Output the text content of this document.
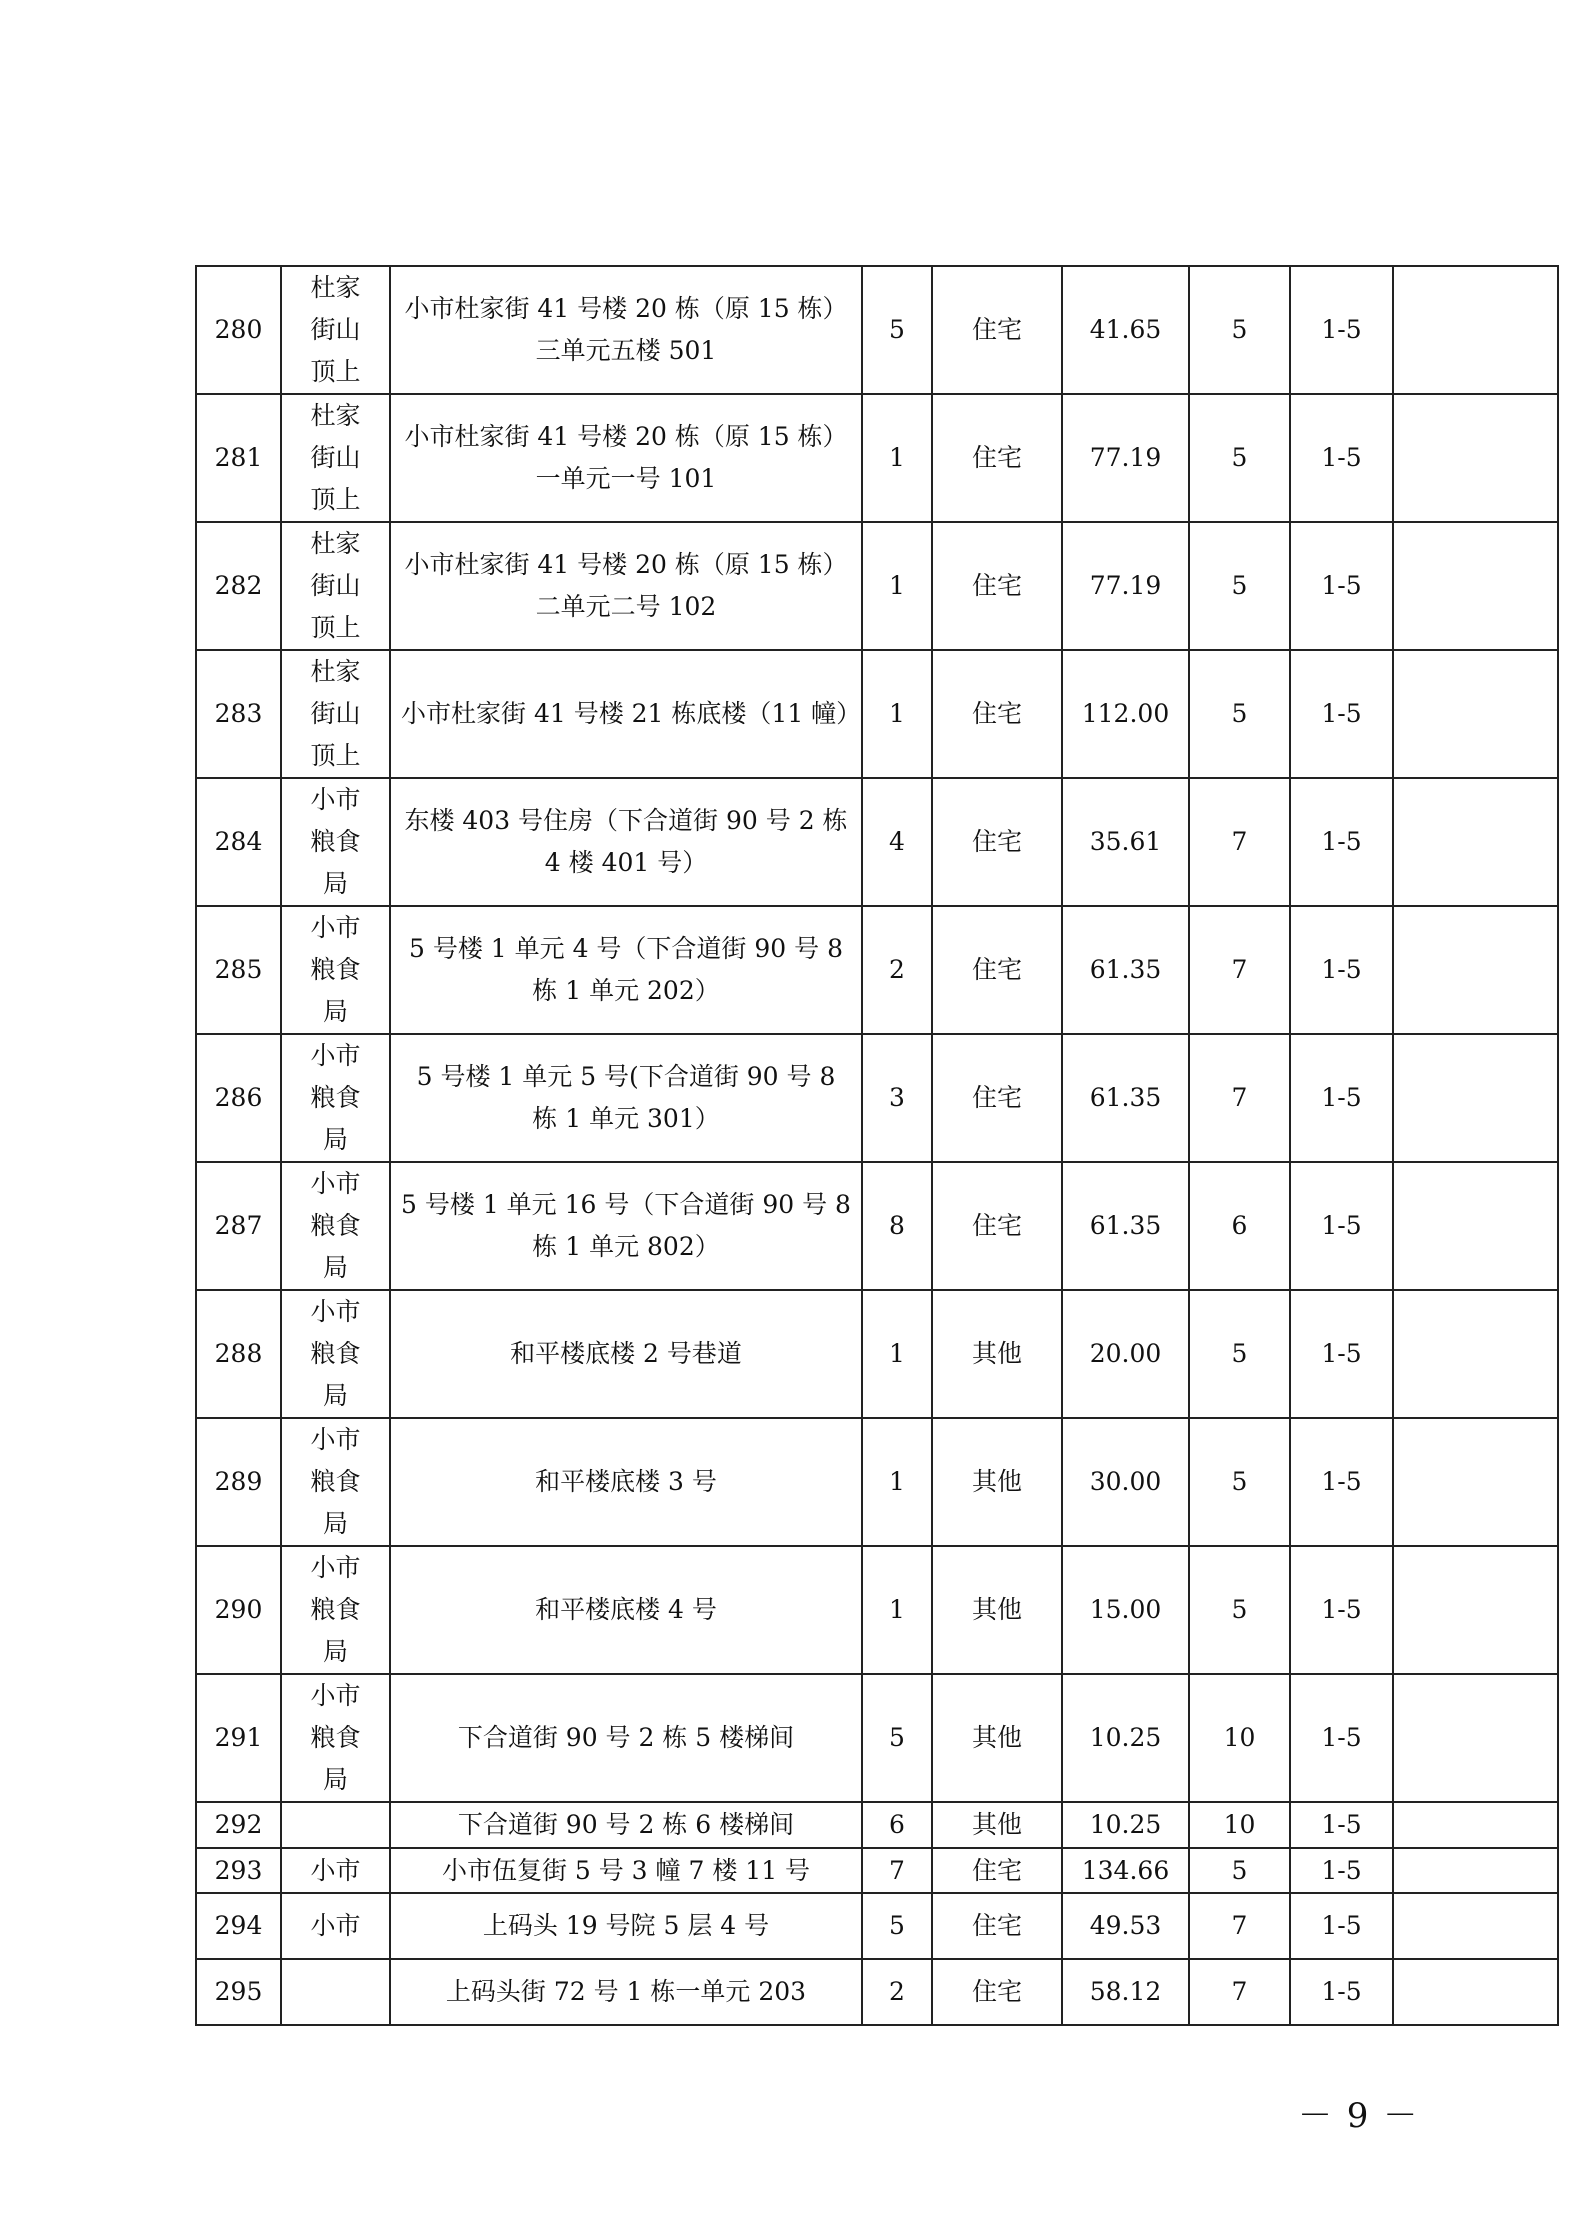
280	杜家街山顶上	小市杜家街 41 号楼 20 栋（原 15 栋）三单元五楼 501	5	住宅	41.65	5	1-5	
281	杜家街山顶上	小市杜家街 41 号楼 20 栋（原 15 栋）一单元一号 101	1	住宅	77.19	5	1-5	
282	杜家街山顶上	小市杜家街 41 号楼 20 栋（原 15 栋）二单元二号 102	1	住宅	77.19	5	1-5	
283	杜家街山顶上	小市杜家街 41 号楼 21 栋底楼（11 幢）	1	住宅	112.00	5	1-5	
284	小市粮食局	东楼 403 号住房（下合道街 90 号 2 栋 4 楼 401 号）	4	住宅	35.61	7	1-5	
285	小市粮食局	5 号楼 1 单元 4 号（下合道街 90 号 8 栋 1 单元 202）	2	住宅	61.35	7	1-5	
286	小市粮食局	5 号楼 1 单元 5 号(下合道街 90 号 8 栋 1 单元 301）	3	住宅	61.35	7	1-5	
287	小市粮食局	5 号楼 1 单元 16 号（下合道街 90 号 8 栋 1 单元 802）	8	住宅	61.35	6	1-5	
288	小市粮食局	和平楼底楼 2 号巷道	1	其他	20.00	5	1-5	
289	小市粮食局	和平楼底楼 3 号	1	其他	30.00	5	1-5	
290	小市粮食局	和平楼底楼 4 号	1	其他	15.00	5	1-5	
291	小市粮食局	下合道街 90 号 2 栋 5 楼梯间	5	其他	10.25	10	1-5	
292		下合道街 90 号 2 栋 6 楼梯间	6	其他	10.25	10	1-5	
293	小市	小市伍复街 5 号 3 幢 7 楼 11 号	7	住宅	134.66	5	1-5	
294	小市	上码头 19 号院 5 层 4 号	5	住宅	49.53	7	1-5	
295		上码头街 72 号 1 栋一单元 203	2	住宅	58.12	7	1-5	
－ 9 －
